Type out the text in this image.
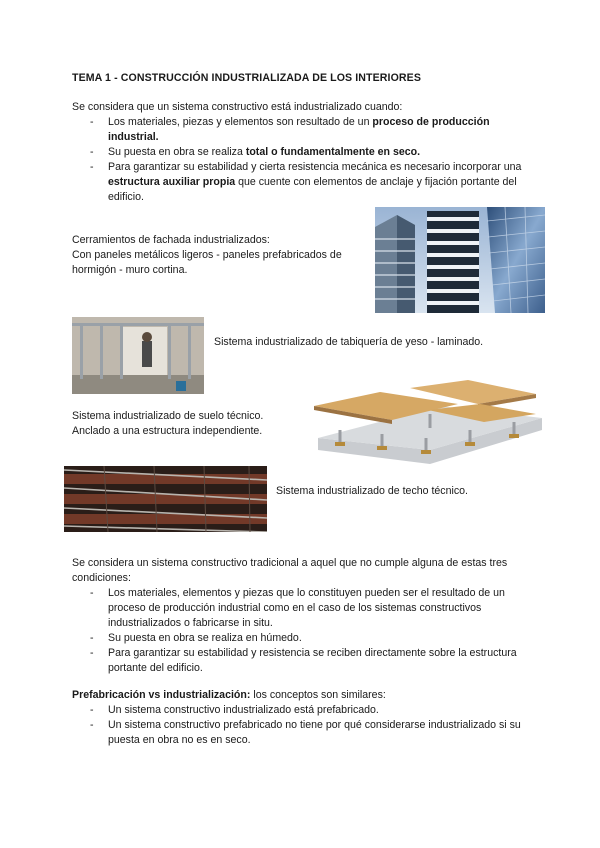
TEMA 1 - CONSTRUCCIÓN INDUSTRIALIZADA DE LOS INTERIORES
Se considera que un sistema constructivo está industrializado cuando:
- Los materiales, piezas y elementos son resultado de un proceso de producción industrial.
- Su puesta en obra se realiza total o fundamentalmente en seco.
- Para garantizar su estabilidad y cierta resistencia mecánica es necesario incorporar una estructura auxiliar propia que cuente con elementos de anclaje y fijación portante del edificio.
Cerramientos de fachada industrializados:
Con paneles metálicos ligeros - paneles prefabricados de hormigón - muro cortina.
Sistema industrializado de tabiquería de yeso - laminado.
Sistema industrializado de suelo técnico.
Anclado a una estructura independiente.
Sistema industrializado de techo técnico.
Se considera un sistema constructivo tradicional a aquel que no cumple alguna de estas tres condiciones:
- Los materiales, elementos y piezas que lo constituyen pueden ser el resultado de un proceso de producción industrial como en el caso de los sistemas constructivos industrializados o fabricarse in situ.
- Su puesta en obra se realiza en húmedo.
- Para garantizar su estabilidad y resistencia se reciben directamente sobre la estructura portante del edificio.
Prefabricación vs industrialización: los conceptos son similares:
- Un sistema constructivo industrializado está prefabricado.
- Un sistema constructivo prefabricado no tiene por qué considerarse industrializado si su puesta en obra no es en seco.
